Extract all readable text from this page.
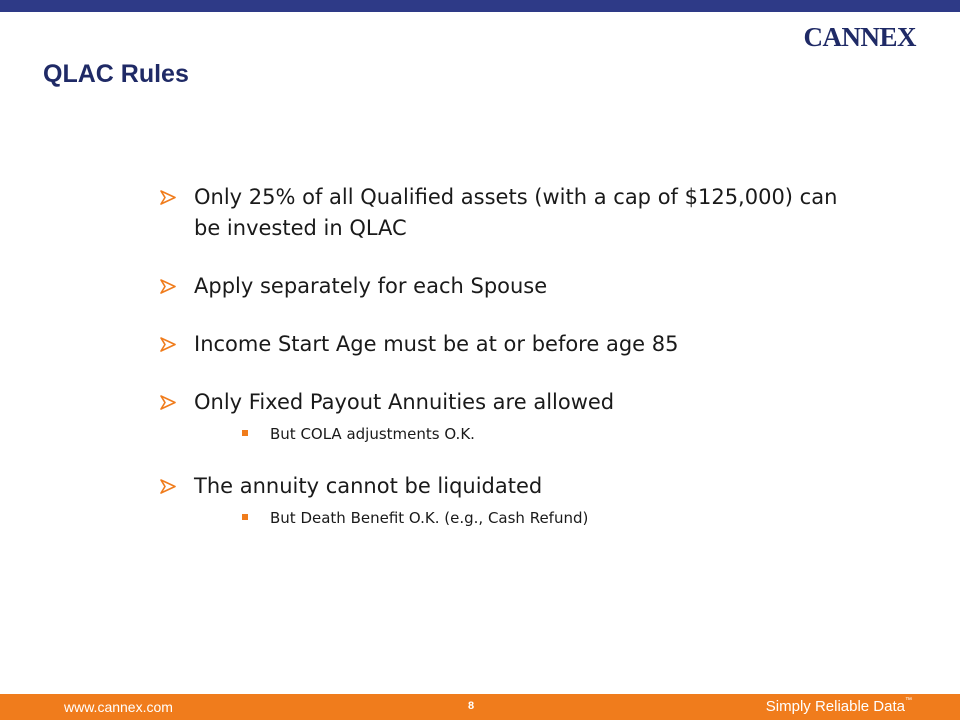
CANNEX
QLAC Rules
Only 25% of all Qualified assets (with a cap of $125,000) can be invested in QLAC
Apply separately for each Spouse
Income Start Age must be at or before age 85
Only Fixed Payout Annuities are allowed
But COLA adjustments O.K.
The annuity cannot be liquidated
But Death Benefit O.K. (e.g., Cash Refund)
www.cannex.com	8	Simply Reliable Data™
